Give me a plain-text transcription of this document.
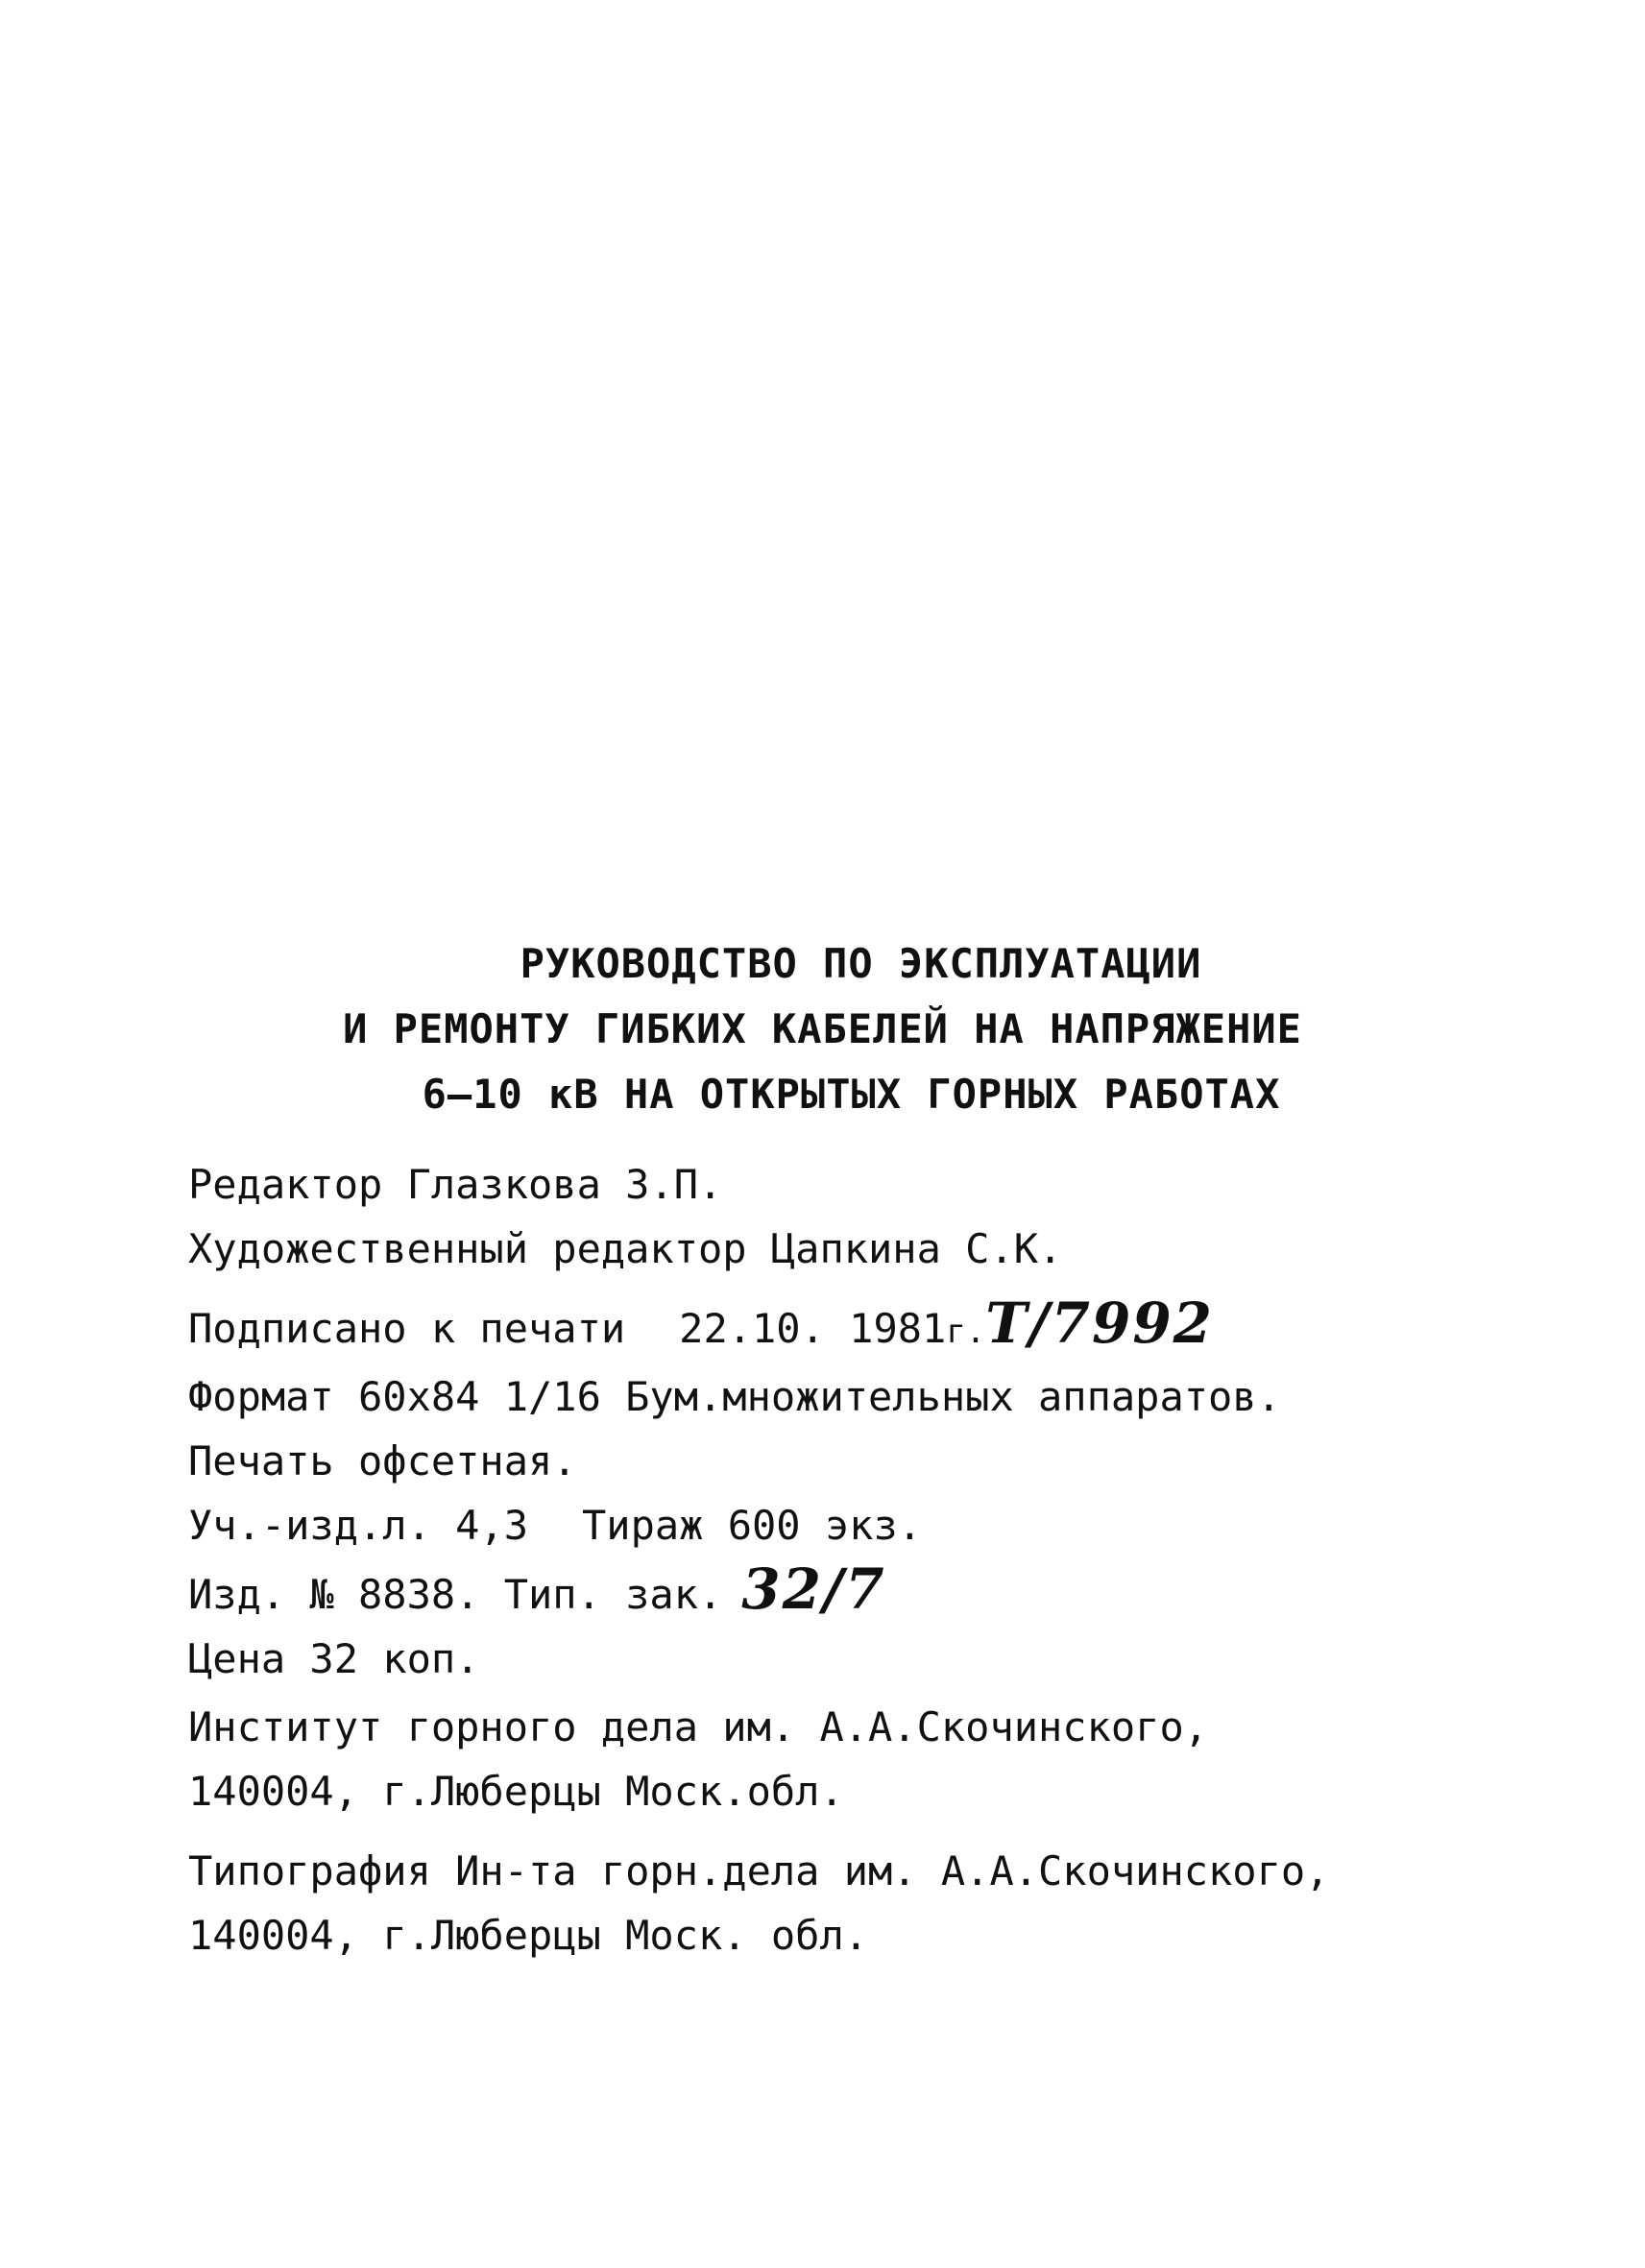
РУКОВОДСТВО ПО ЭКСПЛУАТАЦИИ
И РЕМОНТУ ГИБКИХ КАБЕЛЕЙ НА НАПРЯЖЕНИЕ
6–10 кВ НА ОТКРЫТЫХ ГОРНЫХ РАБОТАХ
Редактор Глазкова З.П.
Художественный редактор Цапкина С.К.
Подписано к печати 22.10. 1981г.Т/7992
Формат 60х84 1/16 Бум.множительных аппаратов.
Печать офсетная.
Уч.-изд.л. 4,3 Тираж 600 экз.
Изд. № 8838. Тип. зак. 32/7
Цена 32 коп.
Институт горного дела им. А.А.Скочинского,
140004, г.Люберцы Моск.обл.
Типография Ин-та горн.дела им. А.А.Скочинского,
140004, г.Люберцы Моск. обл.
